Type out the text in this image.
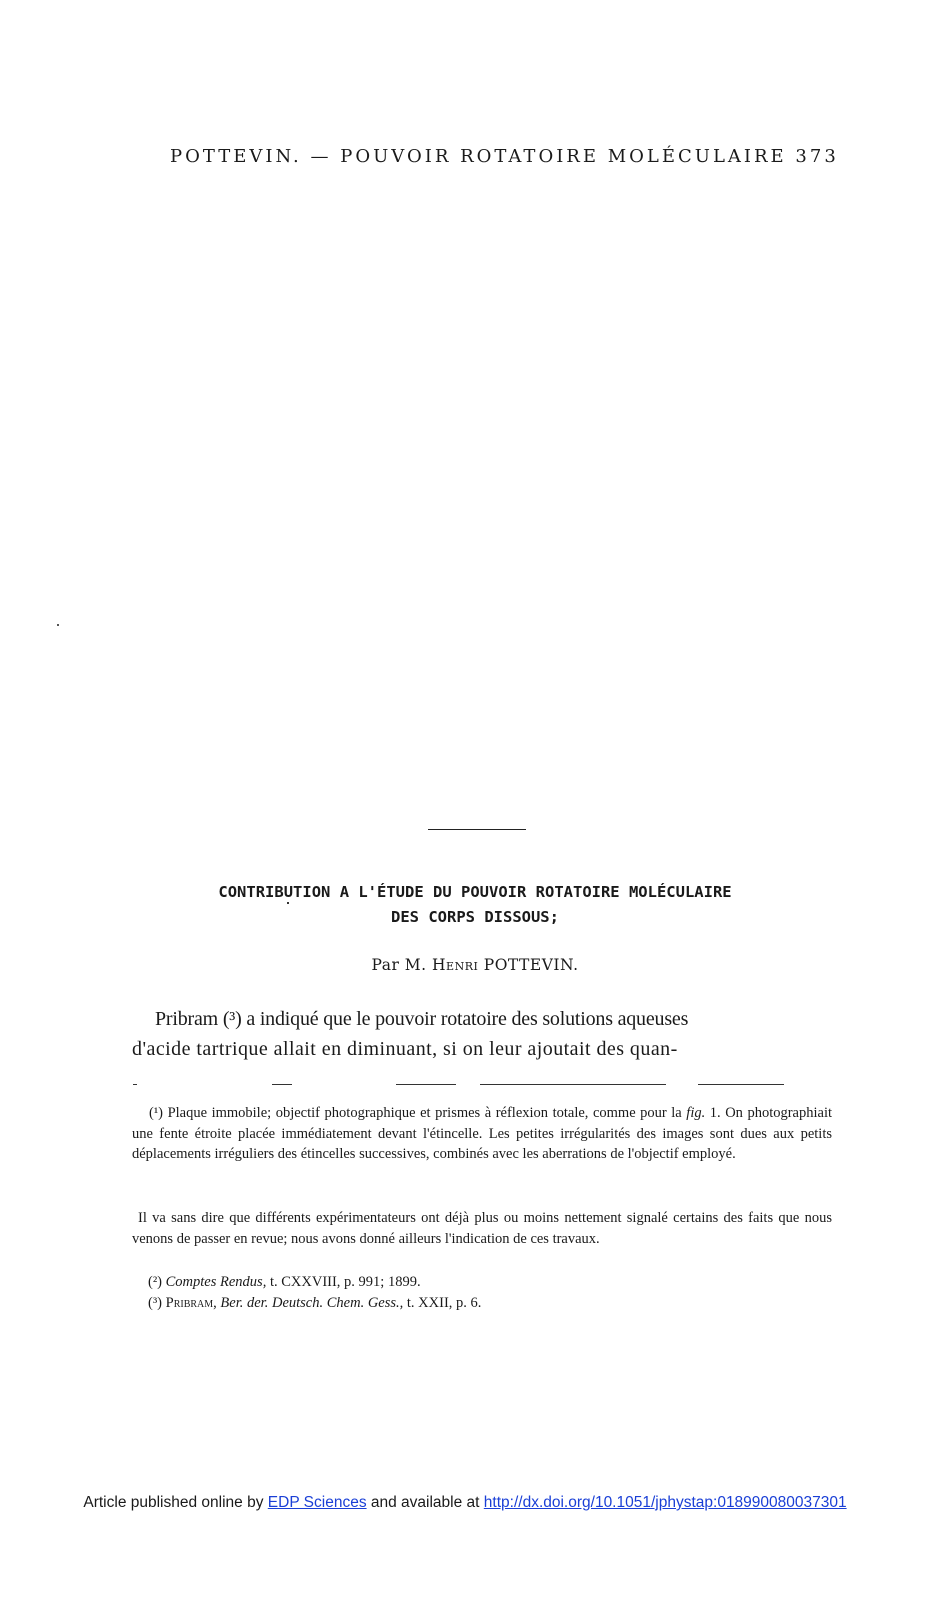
POTTEVIN. — POUVOIR ROTATOIRE MOLÉCULAIRE 373
CONTRIBUTION A L'ÉTUDE DU POUVOIR ROTATOIRE MOLÉCULAIRE
DES CORPS DISSOUS;
Par M. Henri POTTEVIN.
Pribram (³) a indiqué que le pouvoir rotatoire des solutions aqueuses
d'acide tartrique allait en diminuant, si on leur ajoutait des quan-
(¹) Plaque immobile; objectif photographique et prismes à réflexion totale, comme pour la fig. 1. On photographiait une fente étroite placée immédiatement devant l'étincelle. Les petites irrégularités des images sont dues aux petits déplacements irréguliers des étincelles successives, combinés avec les aberrations de l'objectif employé.
Il va sans dire que différents expérimentateurs ont déjà plus ou moins nettement signalé certains des faits que nous venons de passer en revue; nous avons donné ailleurs l'indication de ces travaux.
(²) Comptes Rendus, t. CXXVIII, p. 991; 1899.
(³) Pribram, Ber. der. Deutsch. Chem. Gess., t. XXII, p. 6.
Article published online by EDP Sciences and available at http://dx.doi.org/10.1051/jphystap:018990080037301
